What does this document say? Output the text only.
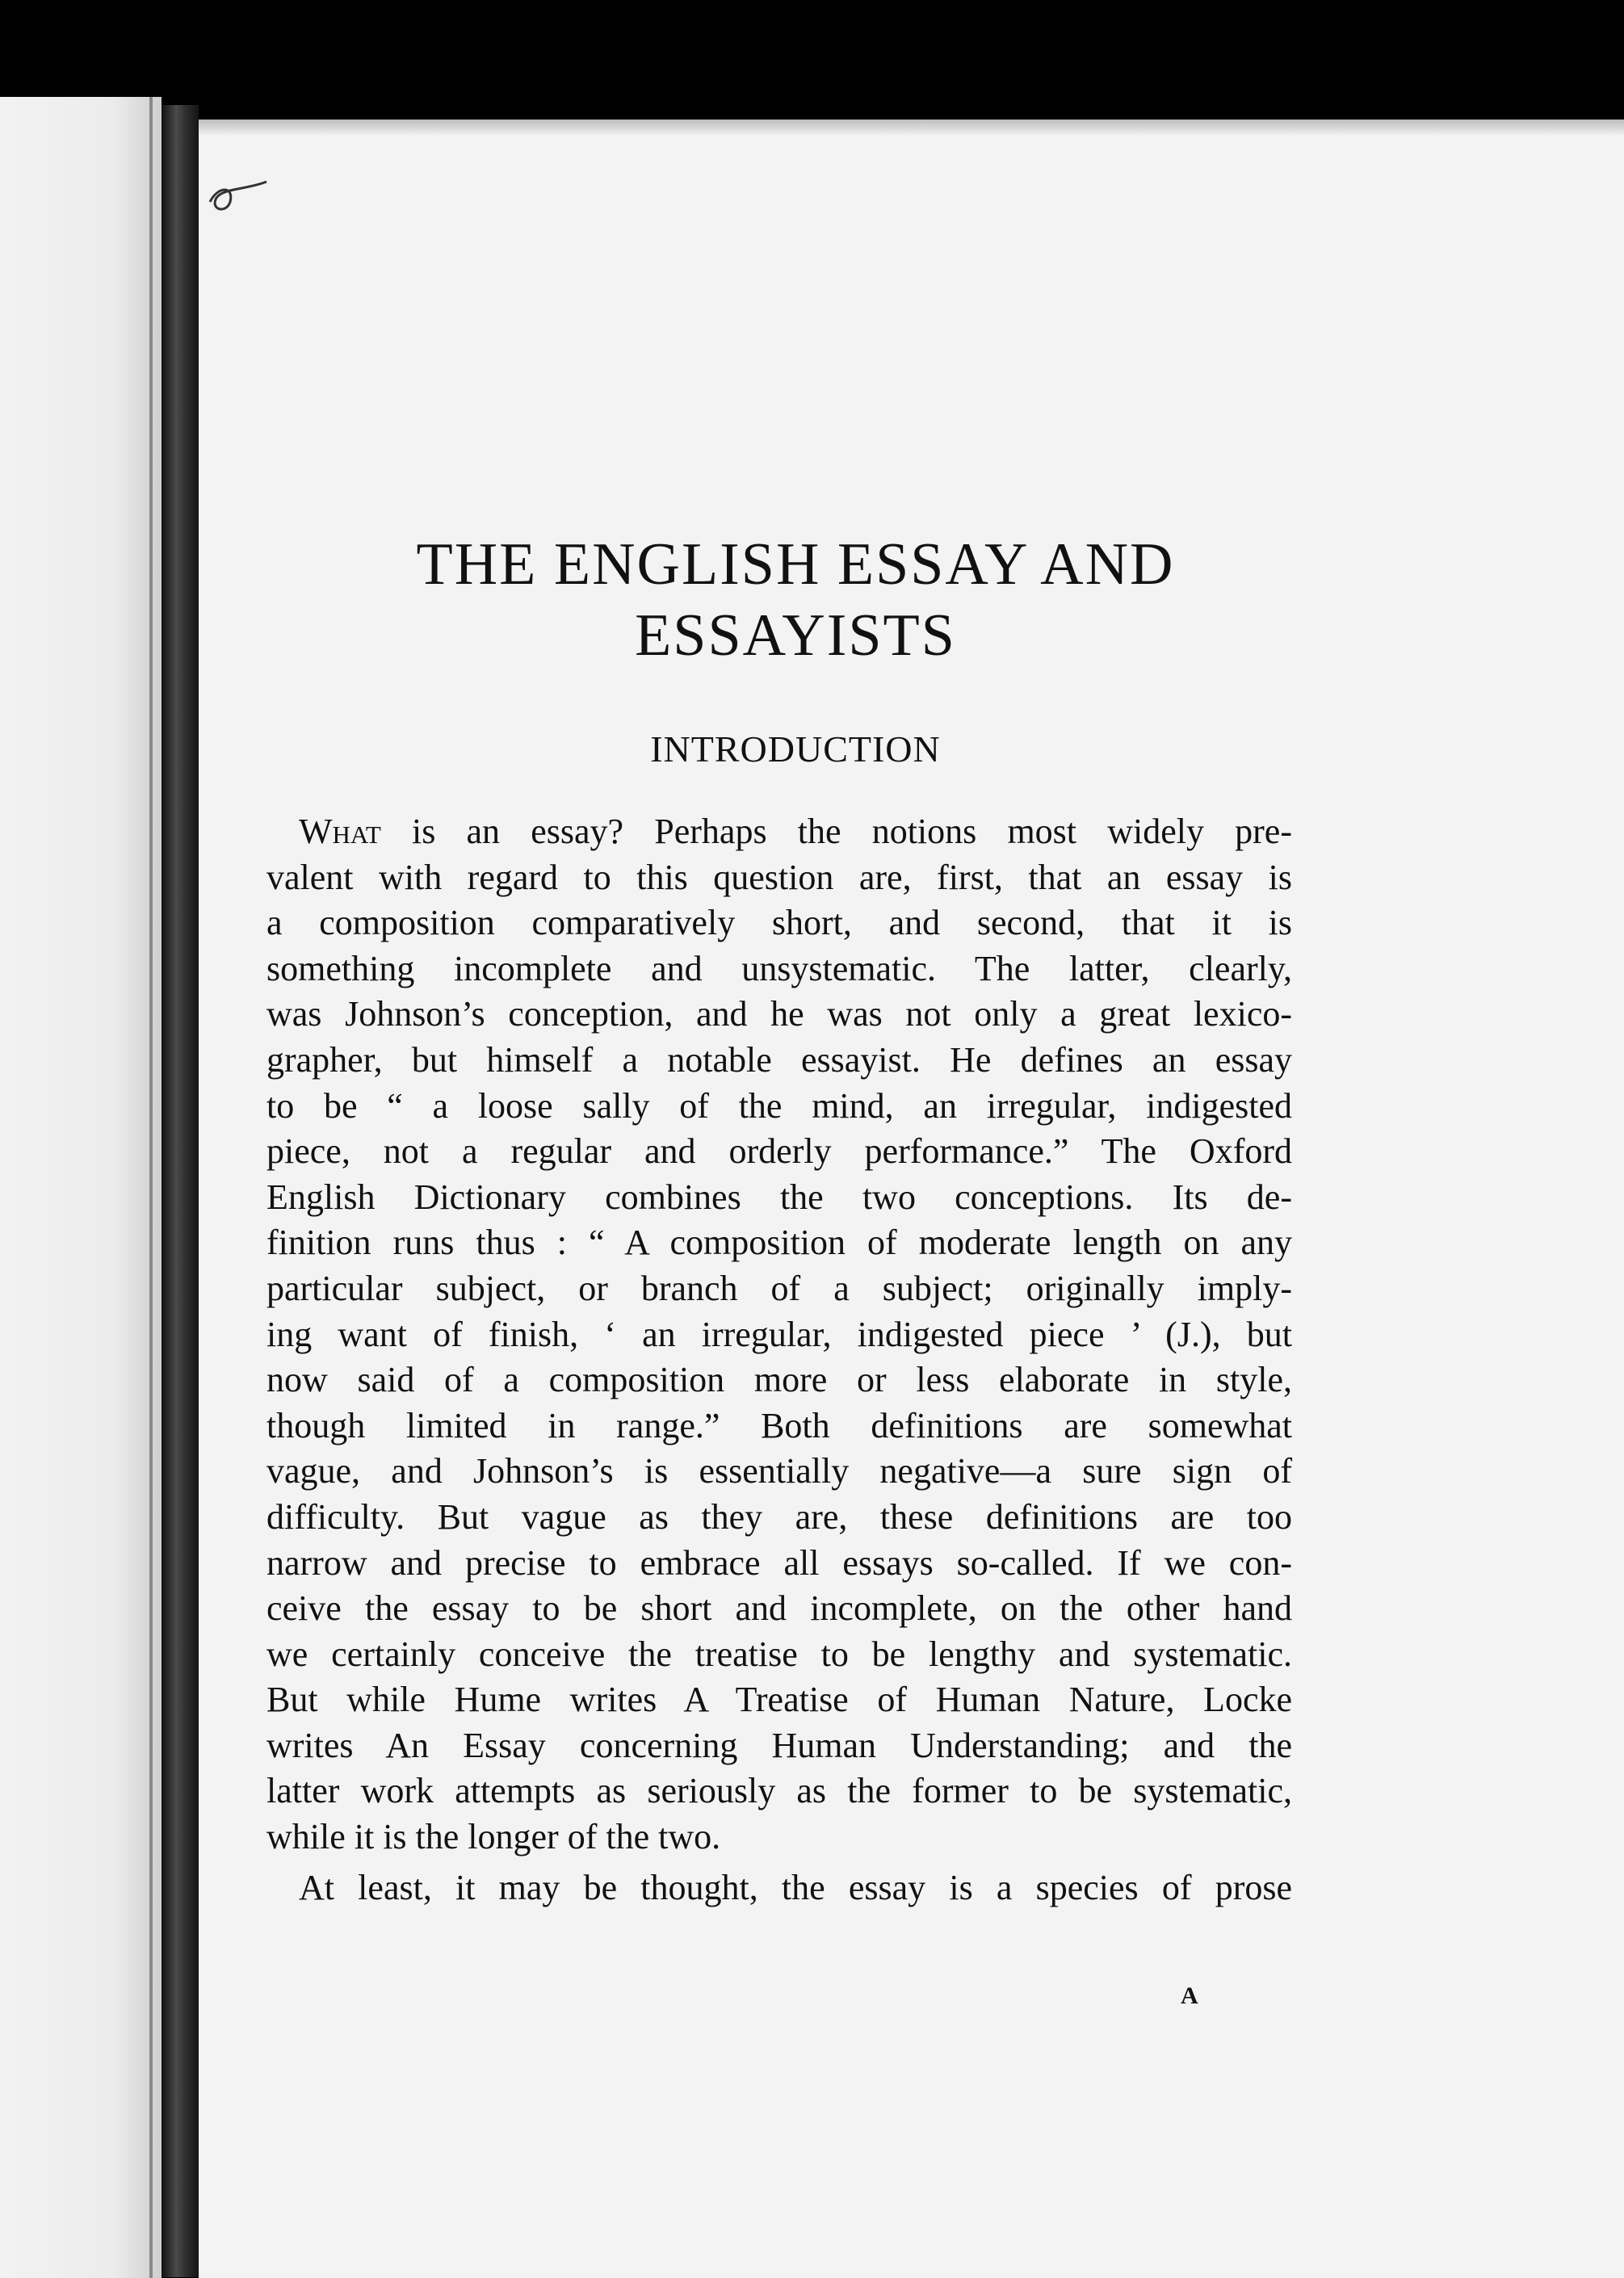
THE ENGLISH ESSAY AND
ESSAYISTS
INTRODUCTION

What is an essay? Perhaps the notions most widely pre-
valent with regard to this question are, first, that an essay is
a composition comparatively short, and second, that it is
something incomplete and unsystematic. The latter, clearly,
was Johnson’s conception, and he was not only a great lexico-
grapher, but himself a notable essayist. He defines an essay
to be “ a loose sally of the mind, an irregular, indigested
piece, not a regular and orderly performance.” The Oxford
English Dictionary combines the two conceptions. Its de-
finition runs thus : “ A composition of moderate length on any
particular subject, or branch of a subject; originally imply-
ing want of finish, ‘ an irregular, indigested piece ’ (J.), but
now said of a composition more or less elaborate in style,
though limited in range.” Both definitions are somewhat
vague, and Johnson’s is essentially negative—a sure sign of
difficulty. But vague as they are, these definitions are too
narrow and precise to embrace all essays so-called. If we con-
ceive the essay to be short and incomplete, on the other hand
we certainly conceive the treatise to be lengthy and systematic.
But while Hume writes A Treatise of Human Nature, Locke
writes An Essay concerning Human Understanding; and the
latter work attempts as seriously as the former to be systematic,
while it is the longer of the two.

At least, it may be thought, the essay is a species of prose

A
